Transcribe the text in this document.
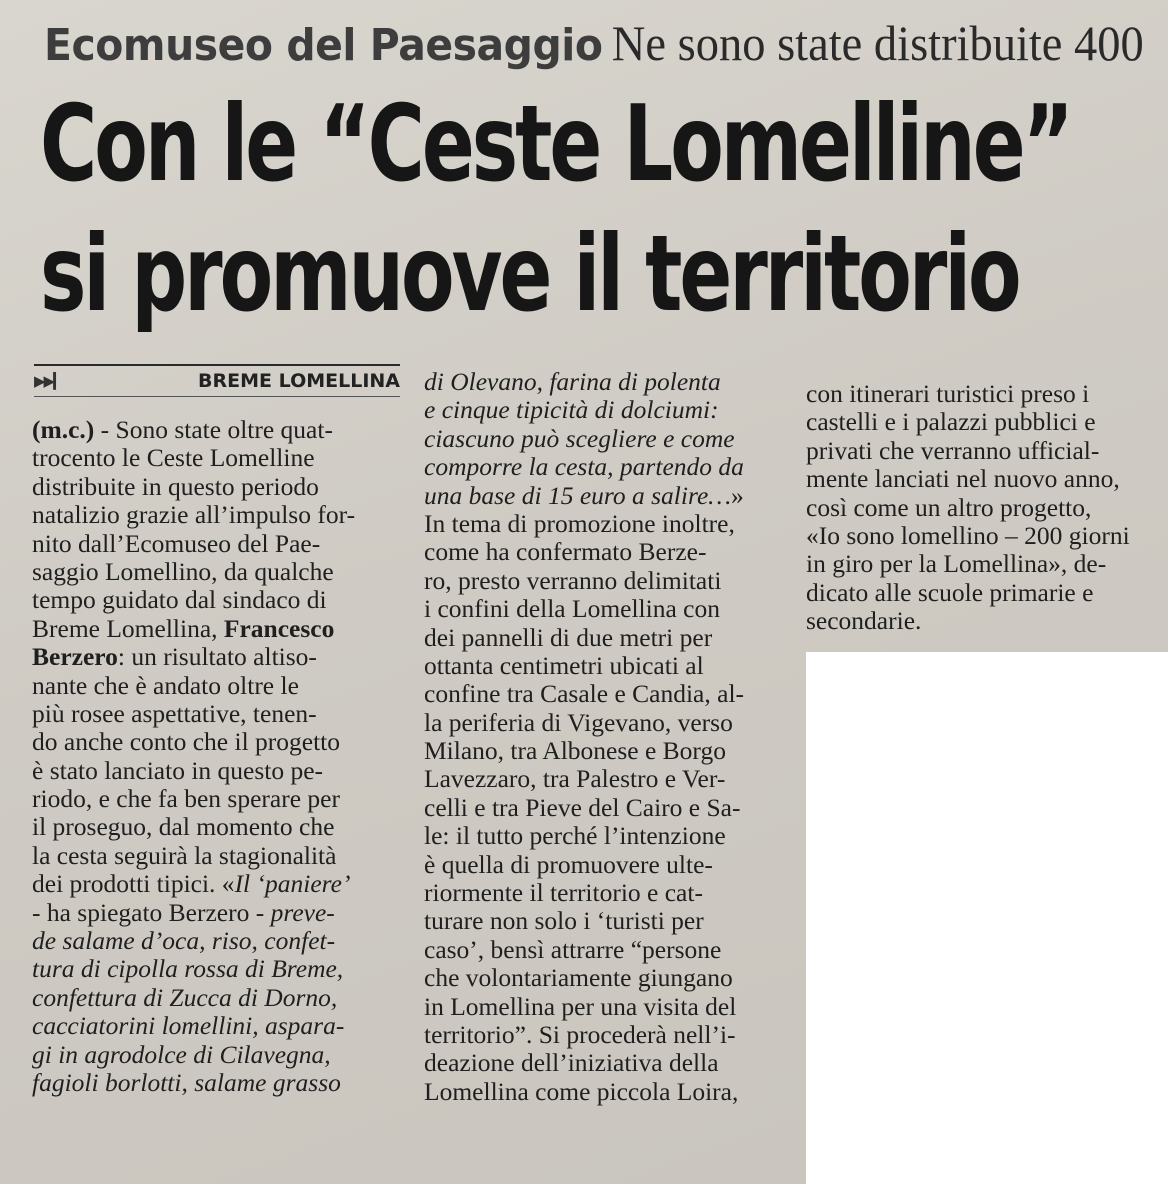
Ecomuseo del Paesaggio Ne sono state distribuite 400
Con le “Ceste Lomelline”
si promuove il territorio
▶▶▎	BREME LOMELLINA
(m.c.) - Sono state oltre quat-
trocento le Ceste Lomelline
distribuite in questo periodo
natalizio grazie all’impulso for-
nito dall’Ecomuseo del Pae-
saggio Lomellino, da qualche
tempo guidato dal sindaco di
Breme Lomellina, Francesco
Berzero: un risultato altiso-
nante che è andato oltre le
più rosee aspettative, tenen-
do anche conto che il progetto
è stato lanciato in questo pe-
riodo, e che fa ben sperare per
il proseguo, dal momento che
la cesta seguirà la stagionalità
dei prodotti tipici. «Il ‘paniere’
- ha spiegato Berzero - preve-
de salame d’oca, riso, confet-
tura di cipolla rossa di Breme,
confettura di Zucca di Dorno,
cacciatorini lomellini, aspara-
gi in agrodolce di Cilavegna,
fagioli borlotti, salame grasso
di Olevano, farina di polenta
e cinque tipicità di dolciumi:
ciascuno può scegliere e come
comporre la cesta, partendo da
una base di 15 euro a salire…»
In tema di promozione inoltre,
come ha confermato Berze-
ro, presto verranno delimitati
i confini della Lomellina con
dei pannelli di due metri per
ottanta centimetri ubicati al
confine tra Casale e Candia, al-
la periferia di Vigevano, verso
Milano, tra Albonese e Borgo
Lavezzaro, tra Palestro e Ver-
celli e tra Pieve del Cairo e Sa-
le: il tutto perché l’intenzione
è quella di promuovere ulte-
riormente il territorio e cat-
turare non solo i ‘turisti per
caso’, bensì attrarre “persone
che volontariamente giungano
in Lomellina per una visita del
territorio”. Si procederà nell’i-
deazione dell’iniziativa della
Lomellina come piccola Loira,
con itinerari turistici preso i
castelli e i palazzi pubblici e
privati che verranno ufficial-
mente lanciati nel nuovo anno,
così come un altro progetto,
«Io sono lomellino – 200 giorni
in giro per la Lomellina», de-
dicato alle scuole primarie e
secondarie.
